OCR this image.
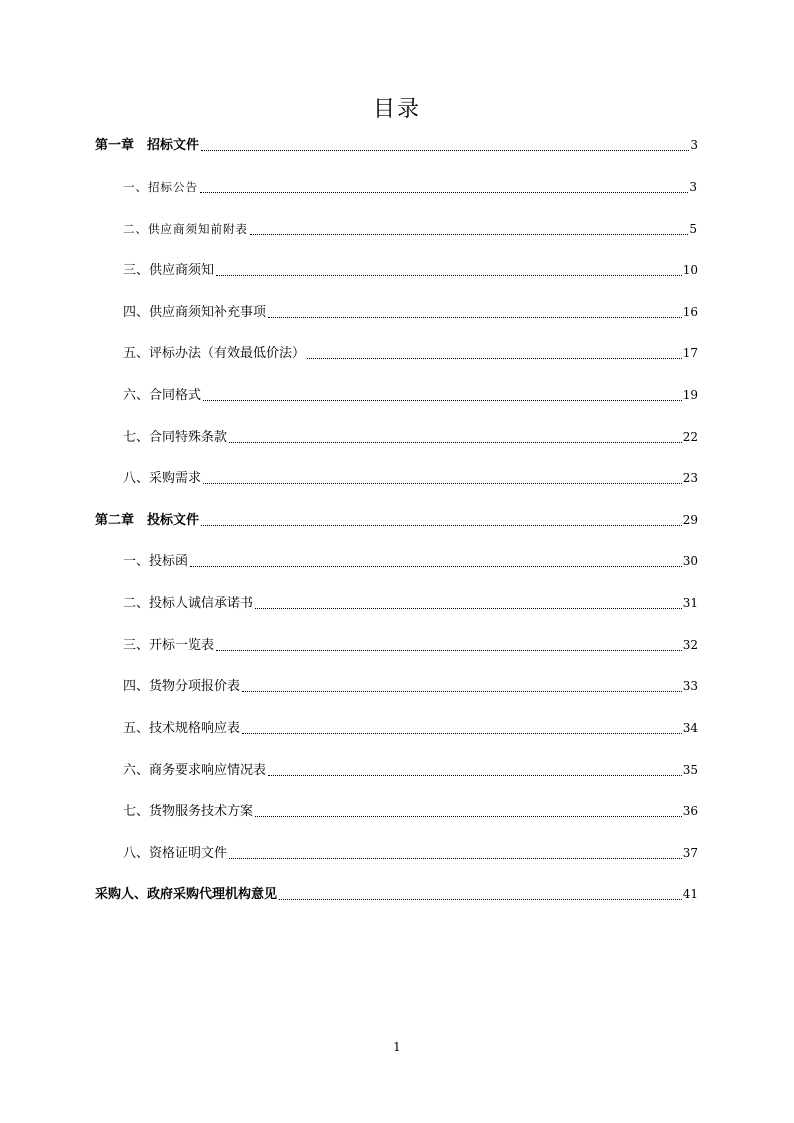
目录
第一章　招标文件	3
一、招标公告	3
二、供应商须知前附表	5
三、供应商须知	10
四、供应商须知补充事项	16
五、评标办法（有效最低价法）	17
六、合同格式	19
七、合同特殊条款	22
八、采购需求	23
第二章　投标文件	29
一、投标函	30
二、投标人诚信承诺书	31
三、开标一览表	32
四、货物分项报价表	33
五、技术规格响应表	34
六、商务要求响应情况表	35
七、货物服务技术方案	36
八、资格证明文件	37
采购人、政府采购代理机构意见	41
1
